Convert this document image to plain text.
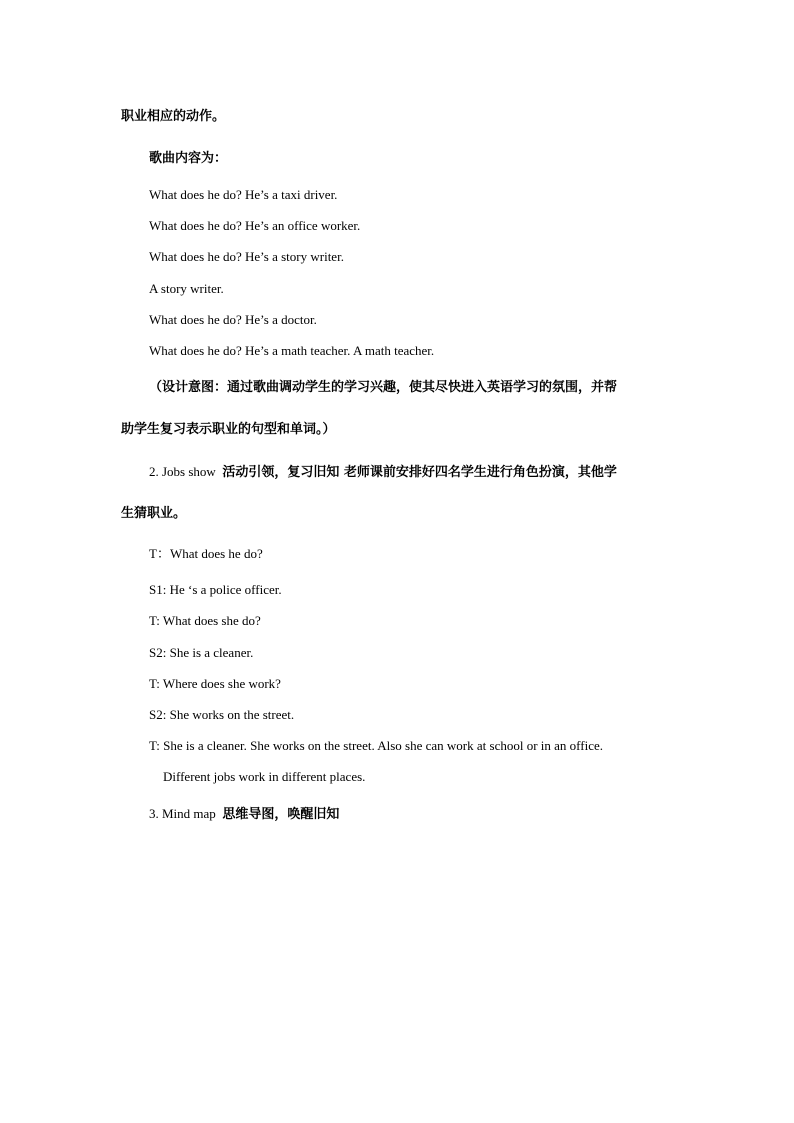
职业相应的动作。
歌曲内容为：
What does he do? He’s a taxi driver.
What does he do? He’s an office worker.
What does he do? He’s a story writer.
A story writer.
What does he do? He’s a doctor.
What does he do? He’s a math teacher. A math teacher.
（设计意图：通过歌曲调动学生的学习兴趣，使其尽快进入英语学习的氛围，并帮
助学生复习表示职业的句型和单词。）
2. Jobs show 活动引领，复习旧知 老师课前安排好四名学生进行角色扮演，其他学
生猜职业。
T：What does he do?
S1: He ‘s a police officer.
T: What does she do?
S2: She is a cleaner.
T: Where does she work?
S2: She works on the street.
T: She is a cleaner. She works on the street. Also she can work at school or in an office.
Different jobs work in different places.
3. Mind map 思维导图，唤醒旧知
